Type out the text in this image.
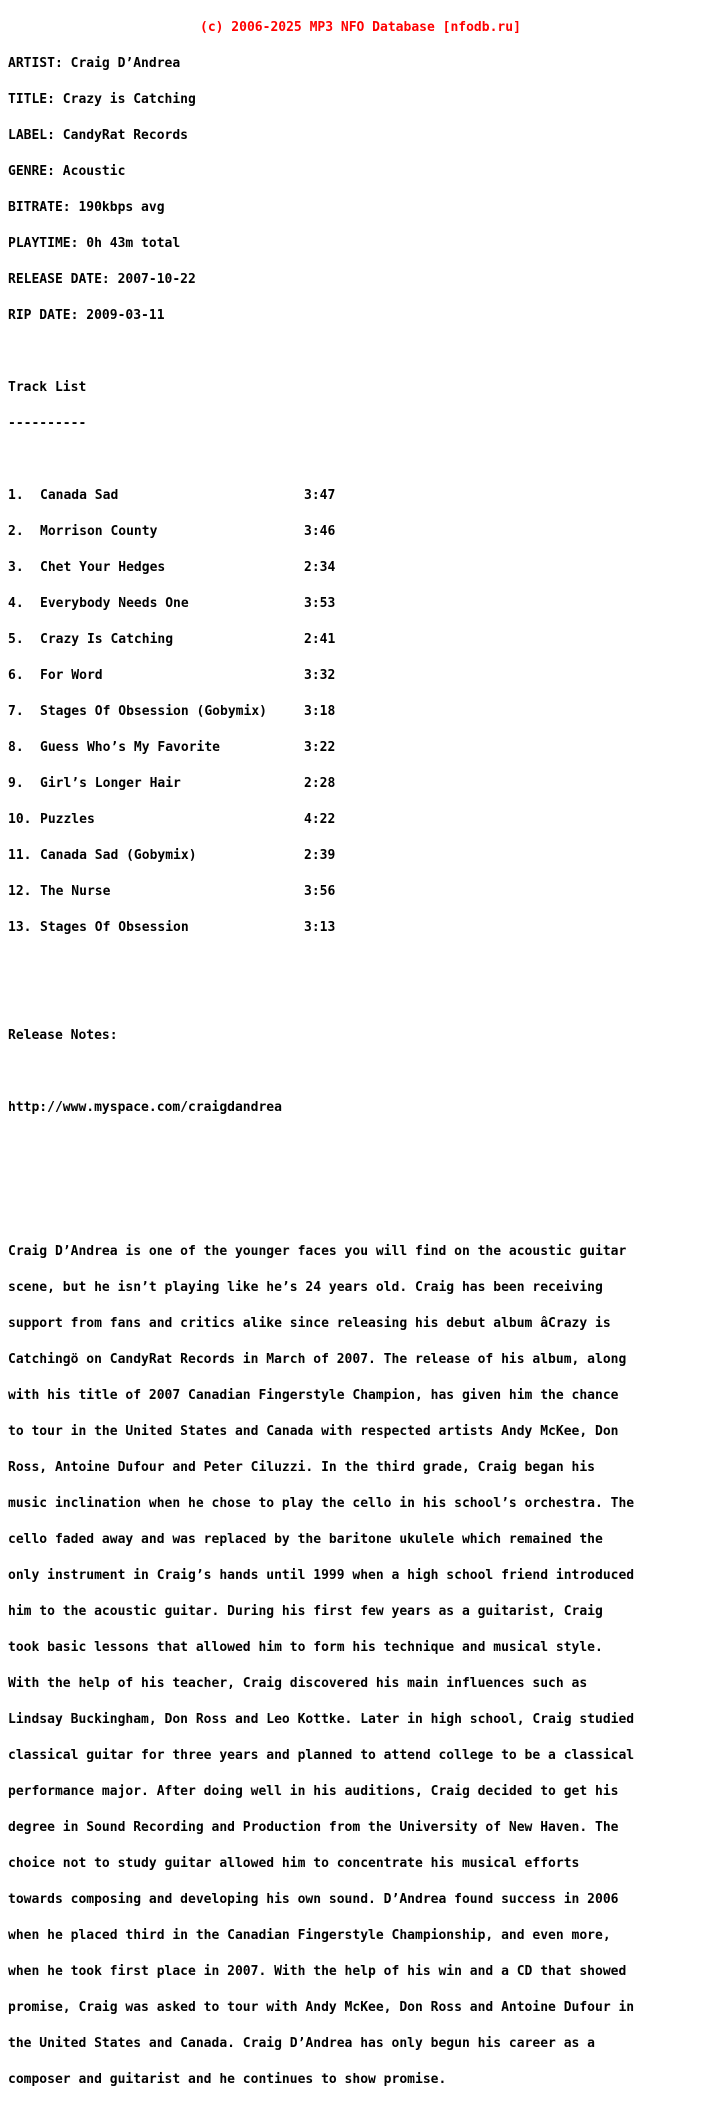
(c) 2006-2025 MP3 NFO Database [nfodb.ru]

ARTIST: Craig D’Andrea

TITLE: Crazy is Catching

LABEL: CandyRat Records

GENRE: Acoustic

BITRATE: 190kbps avg

PLAYTIME: 0h 43m total

RELEASE DATE: 2007-10-22

RIP DATE: 2009-03-11

Track List

----------

1. Canada Sad	3:47

2. Morrison County	3:46

3. Chet Your Hedges	2:34

4. Everybody Needs One	3:53

5. Crazy Is Catching	2:41

6. For Word	3:32

7. Stages Of Obsession (Gobymix)	3:18

8. Guess Who’s My Favorite	3:22

9. Girl’s Longer Hair	2:28

10. Puzzles	4:22

11. Canada Sad (Gobymix)	2:39

12. The Nurse	3:56

13. Stages Of Obsession	3:13

Release Notes:

http://www.myspace.com/craigdandrea

Craig D’Andrea is one of the younger faces you will find on the acoustic guitar

scene, but he isn’t playing like he’s 24 years old. Craig has been receiving

support from fans and critics alike since releasing his debut album âCrazy is

Catchingö on CandyRat Records in March of 2007. The release of his album, along

with his title of 2007 Canadian Fingerstyle Champion, has given him the chance

to tour in the United States and Canada with respected artists Andy McKee, Don

Ross, Antoine Dufour and Peter Ciluzzi. In the third grade, Craig began his

music inclination when he chose to play the cello in his school’s orchestra. The

cello faded away and was replaced by the baritone ukulele which remained the

only instrument in Craig’s hands until 1999 when a high school friend introduced

him to the acoustic guitar. During his first few years as a guitarist, Craig

took basic lessons that allowed him to form his technique and musical style.

With the help of his teacher, Craig discovered his main influences such as

Lindsay Buckingham, Don Ross and Leo Kottke. Later in high school, Craig studied

classical guitar for three years and planned to attend college to be a classical

performance major. After doing well in his auditions, Craig decided to get his

degree in Sound Recording and Production from the University of New Haven. The

choice not to study guitar allowed him to concentrate his musical efforts

towards composing and developing his own sound. D’Andrea found success in 2006

when he placed third in the Canadian Fingerstyle Championship, and even more,

when he took first place in 2007. With the help of his win and a CD that showed

promise, Craig was asked to tour with Andy McKee, Don Ross and Antoine Dufour in

the United States and Canada. Craig D’Andrea has only begun his career as a

composer and guitarist and he continues to show promise.
